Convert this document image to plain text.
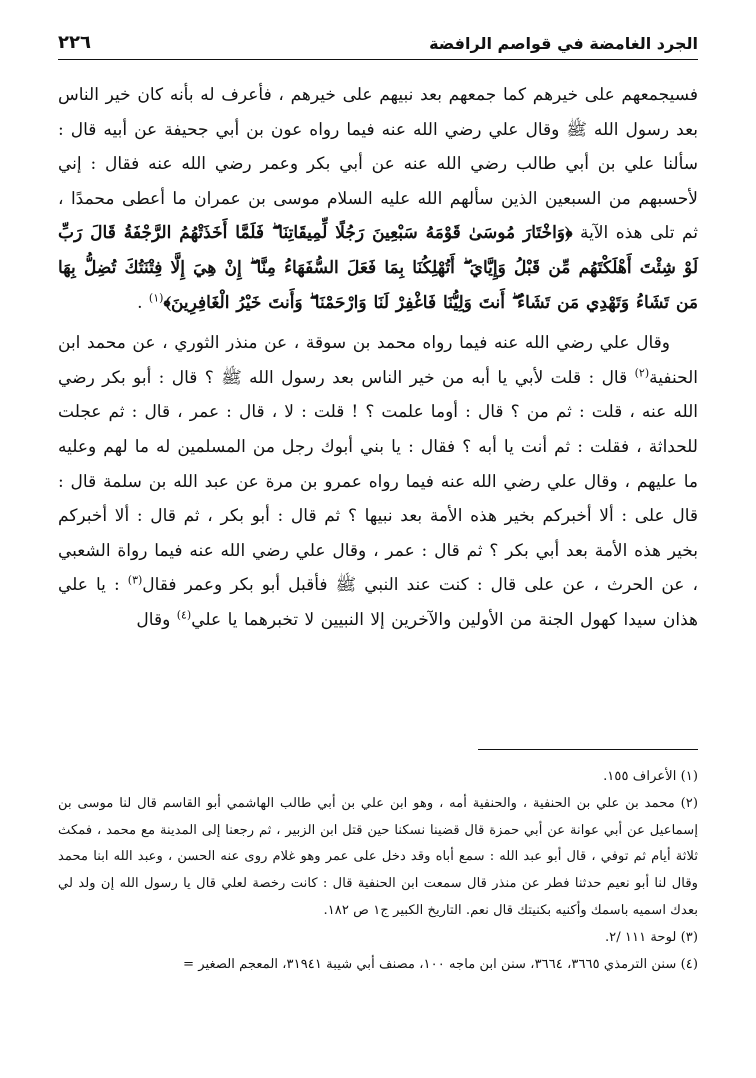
الجرد الغامضة في قواصم الرافضة
٢٢٦

فسيجمعهم على خيرهم كما جمعهم بعد نبيهم على خيرهم ، فأعرف له بأنه كان خير الناس بعد رسول الله ﷺ وقال علي رضي الله عنه فيما رواه عون بن أبي جحيفة عن أبيه قال : سألنا علي بن أبي طالب رضي الله عنه عن أبي بكر وعمر رضي الله عنه فقال : إني لأحسبهم من السبعين الذين سألهم الله عليه السلام موسى بن عمران ما أعطى محمدًا ، ثم تلى هذه الآية ﴿وَاخْتَارَ مُوسَىٰ قَوْمَهُ سَبْعِينَ رَجُلًا لِّمِيقَاتِنَا ۖ فَلَمَّا أَخَذَتْهُمُ الرَّجْفَةُ قَالَ رَبِّ لَوْ شِئْتَ أَهْلَكْتَهُم مِّن قَبْلُ وَإِيَّايَ ۖ أَتُهْلِكُنَا بِمَا فَعَلَ السُّفَهَاءُ مِنَّا ۖ إِنْ هِيَ إِلَّا فِتْنَتُكَ تُضِلُّ بِهَا مَن تَشَاءُ وَتَهْدِي مَن تَشَاءُ ۖ أَنتَ وَلِيُّنَا فَاغْفِرْ لَنَا وَارْحَمْنَا ۖ وَأَنتَ خَيْرُ الْغَافِرِينَ﴾$^{(١)}$ .

وقال علي رضي الله عنه فيما رواه محمد بن سوقة ، عن منذر الثوري ، عن محمد ابن الحنفية$^{(٢)}$ قال : قلت لأبي يا أبه من خير الناس بعد رسول الله ﷺ ؟ قال : أبو بكر رضي الله عنه ، قلت : ثم من ؟ قال : أوما علمت ؟ ! قلت : لا ، قال : عمر ، قال : ثم عجلت للحداثة ، فقلت : ثم أنت يا أبه ؟ فقال : يا بني أبوك رجل من المسلمين له ما لهم وعليه ما عليهم ، وقال علي رضي الله عنه فيما رواه عمرو بن مرة عن عبد الله بن سلمة قال : قال على : ألا أخبركم بخير هذه الأمة بعد نبيها ؟ ثم قال : أبو بكر ، ثم قال : ألا أخبركم بخير هذه الأمة بعد أبي بكر ؟ ثم قال : عمر ، وقال علي رضي الله عنه فيما رواة الشعبي ، عن الحرث ، عن على قال : كنت عند النبي ﷺ فأقبل أبو بكر وعمر فقال$^{(٣)}$ : يا علي هذان سيدا كهول الجنة من الأولين والآخرين إلا النبيين لا تخبرهما يا علي$^{(٤)}$ وقال

(١) الأعراف ١٥٥.

(٢) محمد بن علي بن الحنفية ، والحنفية أمه ، وهو ابن علي بن أبي طالب الهاشمي أبو القاسم قال لنا موسى بن إسماعيل عن أبي عوانة عن أبي حمزة قال قضينا نسكنا حين قتل ابن الزبير ، ثم رجعنا إلى المدينة مع محمد ، فمكث ثلاثة أيام ثم توفي ، قال أبو عبد الله : سمع أباه وقد دخل على عمر وهو غلام روى عنه الحسن ، وعبد الله ابنا محمد وقال لنا أبو نعيم حدثنا فطر عن منذر قال سمعت ابن الحنفية قال : كانت رخصة لعلي قال يا رسول الله إن ولد لي بعدك اسميه باسمك وأكنيه بكنيتك قال نعم. التاريخ الكبير ج١ ص ١٨٢.

(٣) لوحة ١١١ /٢.

(٤) سنن الترمذي ٣٦٦٥، ٣٦٦٤، سنن ابن ماجه ١٠٠، مصنف أبي شيبة ٣١٩٤١، المعجم الصغير =
